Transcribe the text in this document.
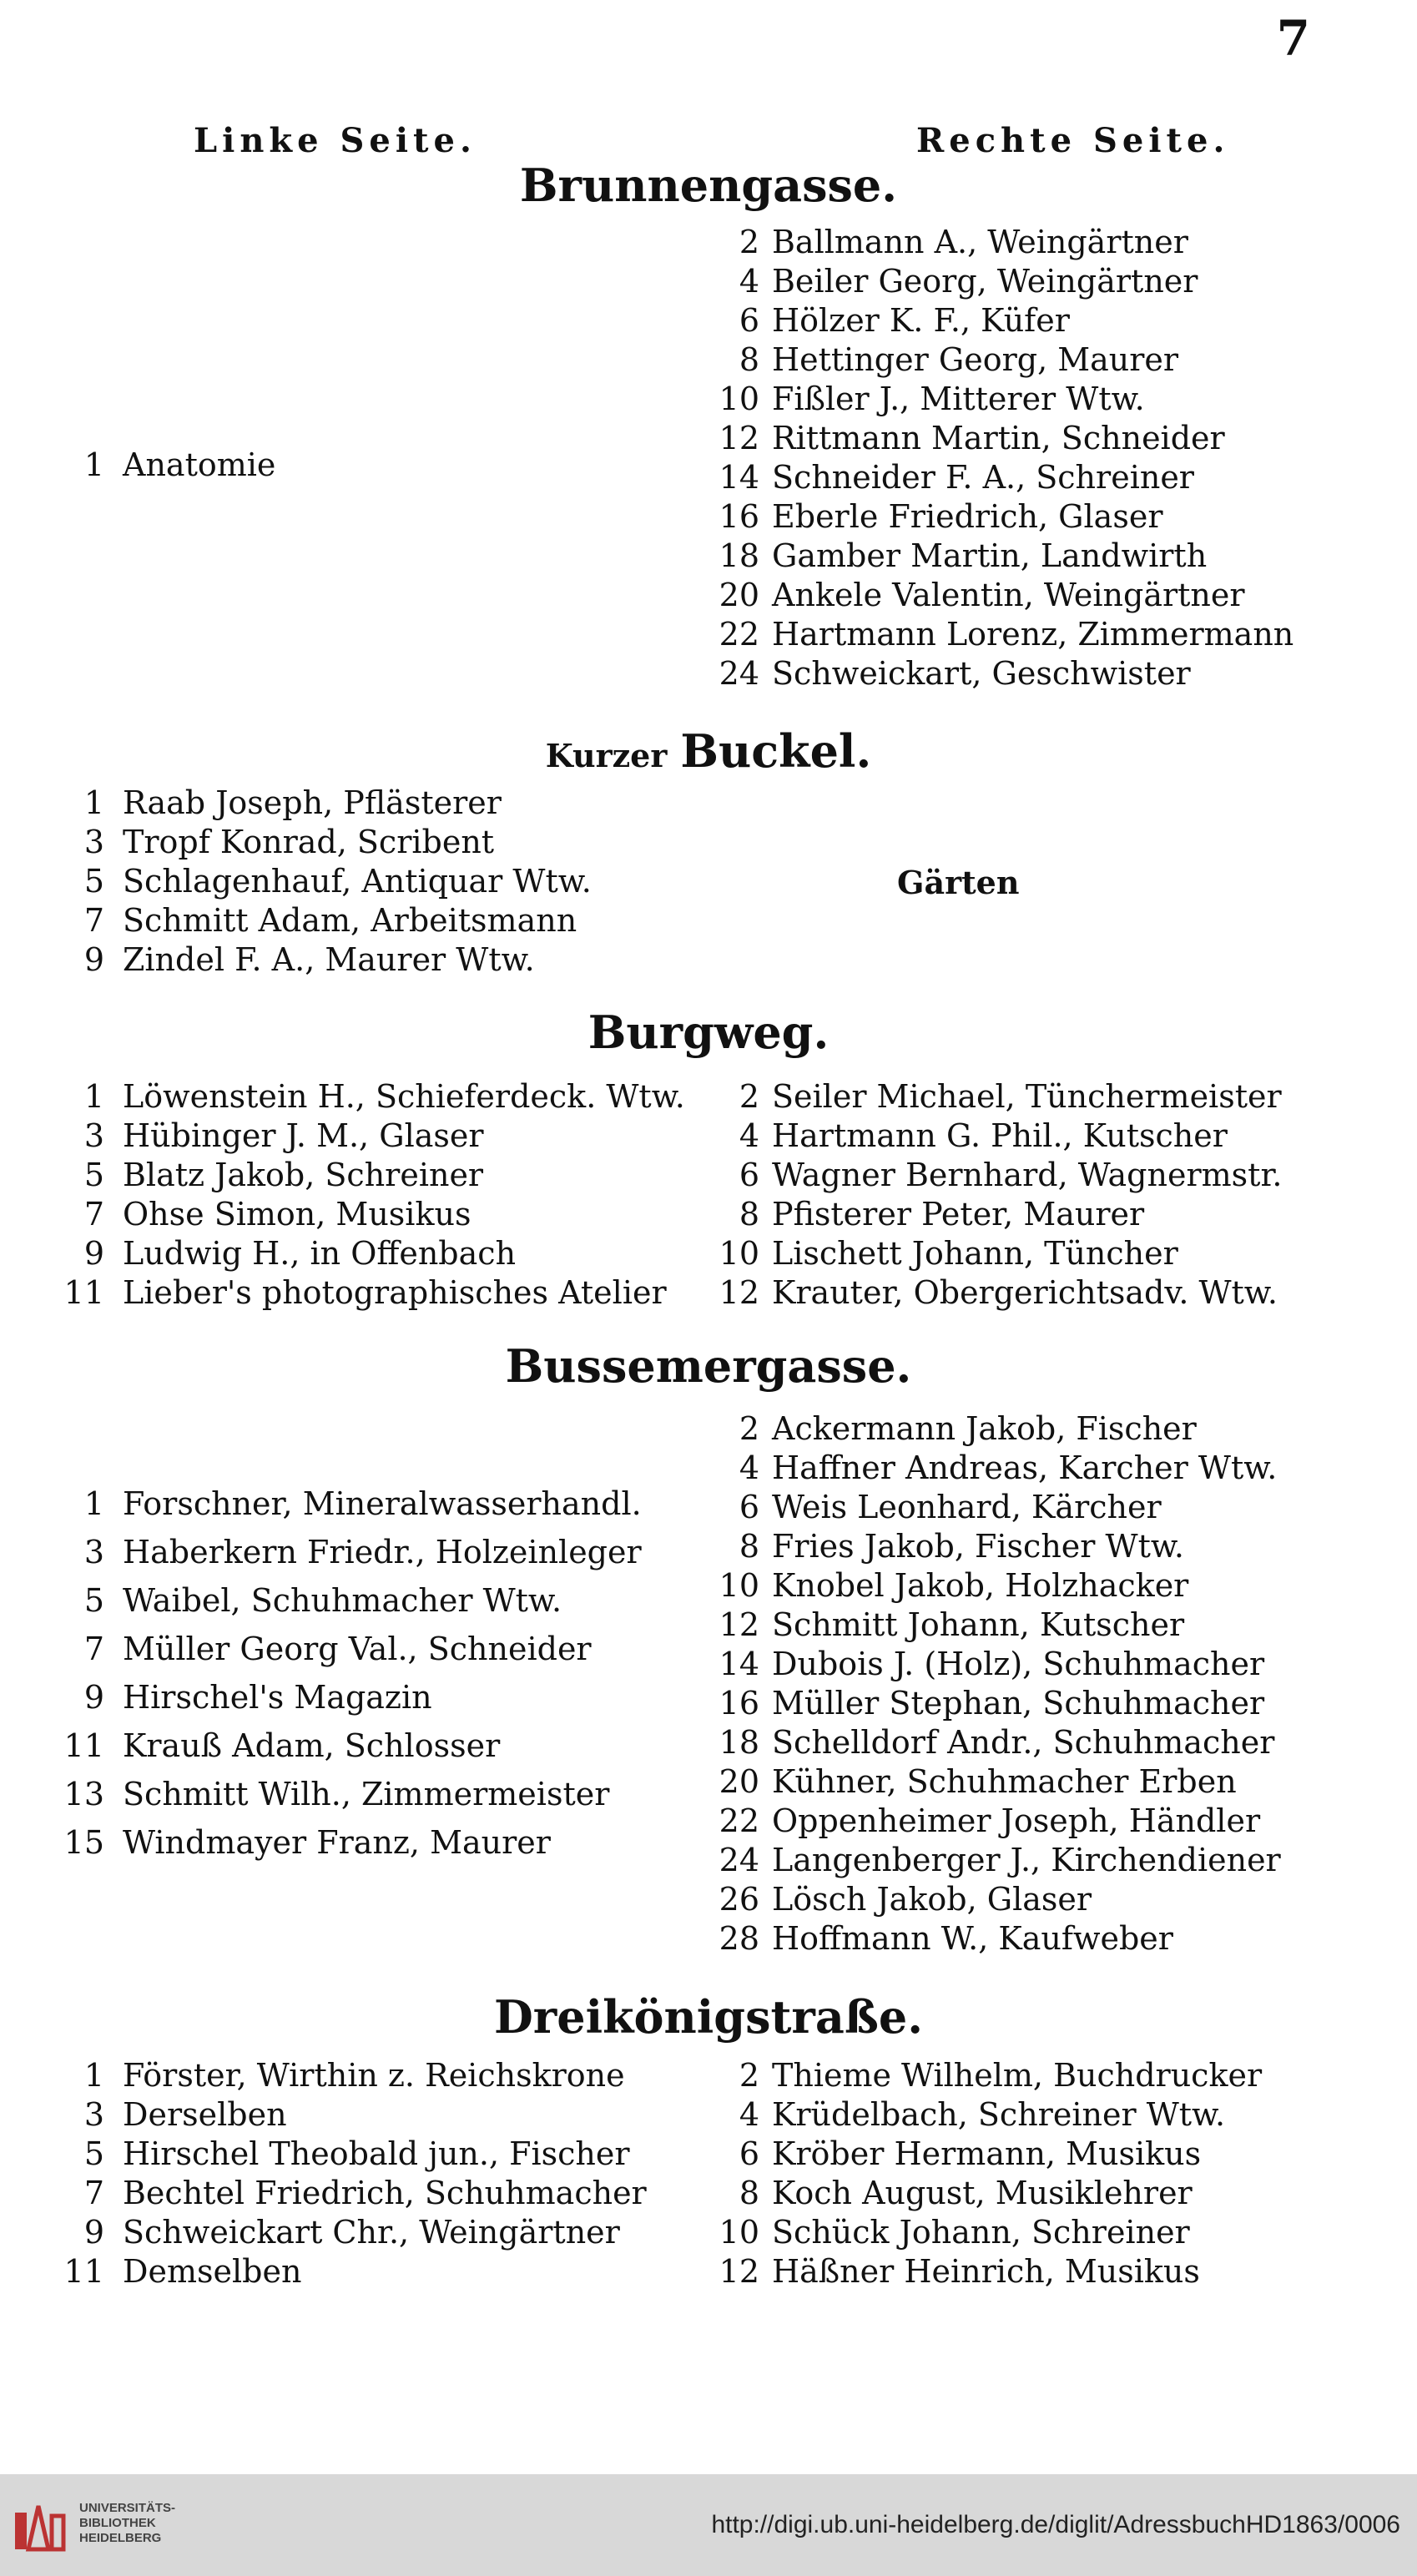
7
Linke Seite.	Rechte Seite.
Brunnengasse.
1 Anatomie
2 Ballmann A., Weingärtner
4 Beiler Georg, Weingärtner
6 Hölzer K. F., Küfer
8 Hettinger Georg, Maurer
10 Fißler J., Mitterer Wtw.
12 Rittmann Martin, Schneider
14 Schneider F. A., Schreiner
16 Eberle Friedrich, Glaser
18 Gamber Martin, Landwirth
20 Ankele Valentin, Weingärtner
22 Hartmann Lorenz, Zimmermann
24 Schweickart, Geschwister
Kurzer Buckel.
1 Raab Joseph, Pflästerer
3 Tropf Konrad, Scribent
5 Schlagenhauf, Antiquar Wtw.
7 Schmitt Adam, Arbeitsmann
9 Zindel F. A., Maurer Wtw.
Gärten
Burgweg.
1 Löwenstein H., Schieferdeck. Wtw.
3 Hübinger J. M., Glaser
5 Blatz Jakob, Schreiner
7 Ohse Simon, Musikus
9 Ludwig H., in Offenbach
11 Lieber's photographisches Atelier
2 Seiler Michael, Tünchermeister
4 Hartmann G. Phil., Kutscher
6 Wagner Bernhard, Wagnermstr.
8 Pfisterer Peter, Maurer
10 Lischett Johann, Tüncher
12 Krauter, Obergerichtsadv. Wtw.
Bussemergasse.
1 Forschner, Mineralwasserhandl.
3 Haberkern Friedr., Holzeinleger
5 Waibel, Schuhmacher Wtw.
7 Müller Georg Val., Schneider
9 Hirschel's Magazin
11 Krauß Adam, Schlosser
13 Schmitt Wilh., Zimmermeister
15 Windmayer Franz, Maurer
2 Ackermann Jakob, Fischer
4 Haffner Andreas, Karcher Wtw.
6 Weis Leonhard, Kärcher
8 Fries Jakob, Fischer Wtw.
10 Knobel Jakob, Holzhacker
12 Schmitt Johann, Kutscher
14 Dubois J. (Holz), Schuhmacher
16 Müller Stephan, Schuhmacher
18 Schelldorf Andr., Schuhmacher
20 Kühner, Schuhmacher Erben
22 Oppenheimer Joseph, Händler
24 Langenberger J., Kirchendiener
26 Lösch Jakob, Glaser
28 Hoffmann W., Kaufweber
Dreikönigstraße.
1 Förster, Wirthin z. Reichskrone
3 Derselben
5 Hirschel Theobald jun., Fischer
7 Bechtel Friedrich, Schuhmacher
9 Schweickart Chr., Weingärtner
11 Demselben
2 Thieme Wilhelm, Buchdrucker
4 Krüdelbach, Schreiner Wtw.
6 Kröber Hermann, Musikus
8 Koch August, Musiklehrer
10 Schück Johann, Schreiner
12 Häßner Heinrich, Musikus
UNIVERSITÄTS-
BIBLIOTHEK
HEIDELBERG	http://digi.ub.uni-heidelberg.de/diglit/AdressbuchHD1863/0006
